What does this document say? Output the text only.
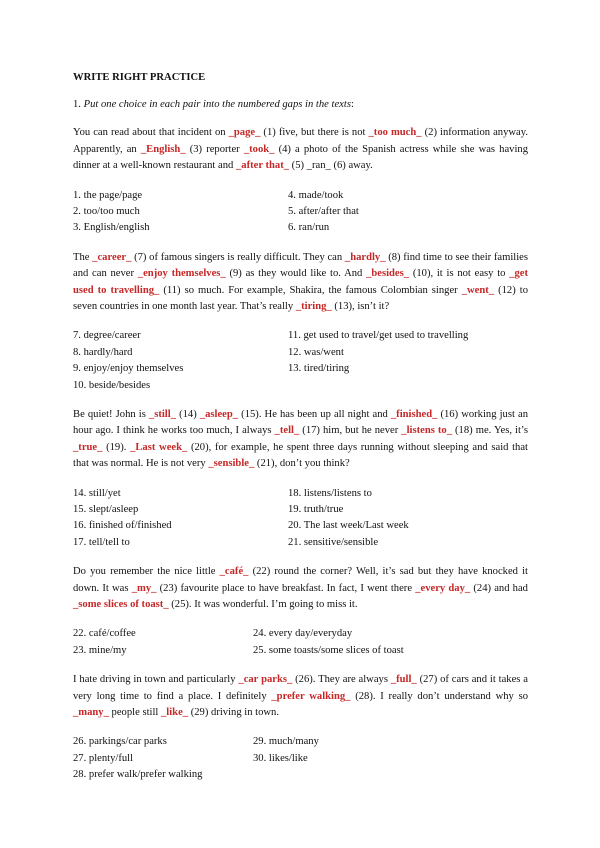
WRITE RIGHT PRACTICE

1. Put one choice in each pair into the numbered gaps in the texts:

You can read about that incident on _page_ (1) five, but there is not _too much_ (2) information anyway. Apparently, an _English_ (3) reporter _took_ (4) a photo of the Spanish actress while she was having dinner at a well-known restaurant and _after that_ (5) _ran_ (6) away.

1. the page/page	4. made/took
2. too/too much	5. after/after that
3. English/english	6. ran/run

The _career_ (7) of famous singers is really difficult. They can _hardly_ (8) find time to see their families and can never _enjoy themselves_ (9) as they would like to. And _besides_ (10), it is not easy to _get used to travelling_ (11) so much. For example, Shakira, the famous Colombian singer _went_ (12) to seven countries in one month last year. That’s really _tiring_ (13), isn’t it?

7. degree/career	11. get used to travel/get used to travelling
8. hardly/hard	12. was/went
9. enjoy/enjoy themselves	13. tired/tiring
10. beside/besides

Be quiet! John is _still_ (14) _asleep_ (15). He has been up all night and _finished_ (16) working just an hour ago. I think he works too much, I always _tell_ (17) him, but he never _listens to_ (18) me. Yes, it’s _true_ (19). _Last week_ (20), for example, he spent three days running without sleeping and said that that was normal. He is not very _sensible_ (21), don’t you think?

14. still/yet	18. listens/listens to
15. slept/asleep	19. truth/true
16. finished of/finished	20. The last week/Last week
17. tell/tell to	21. sensitive/sensible

Do you remember the nice little _café_ (22) round the corner? Well, it’s sad but they have knocked it down. It was _my_ (23) favourite place to have breakfast. In fact, I went there _every day_ (24) and had _some slices of toast_ (25). It was wonderful. I’m going to miss it.

22. café/coffee	24. every day/everyday
23. mine/my	25. some toasts/some slices of toast

I hate driving in town and particularly _car parks_ (26). They are always _full_ (27) of cars and it takes a very long time to find a place. I definitely _prefer walking_ (28). I really don’t understand why so _many_ people still _like_ (29) driving in town.

26. parkings/car parks	29. much/many
27. plenty/full	30. likes/like
28. prefer walk/prefer walking
